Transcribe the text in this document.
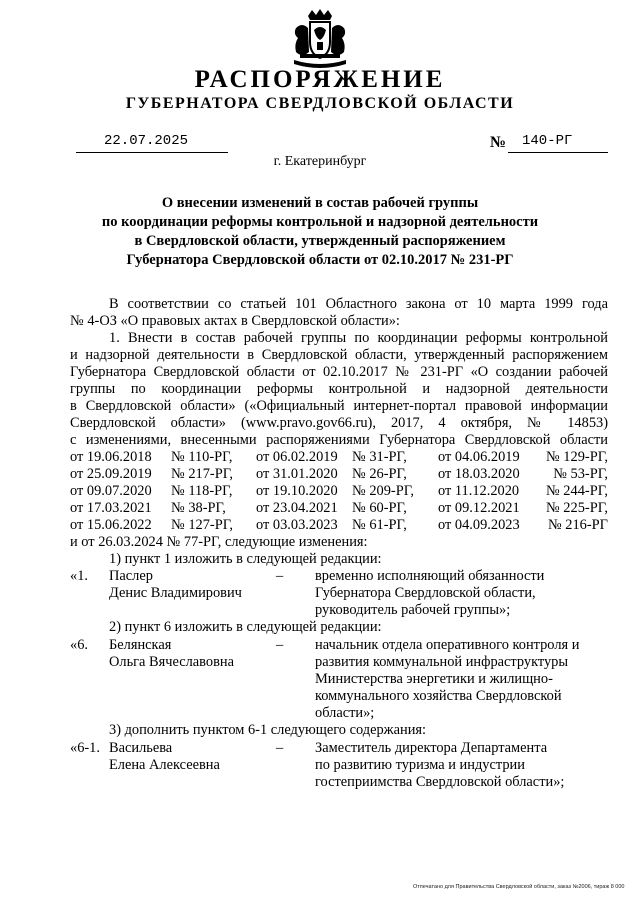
РАСПОРЯЖЕНИЕ
ГУБЕРНАТОРА СВЕРДЛОВСКОЙ ОБЛАСТИ
22.07.2025	№ 140-РГ
г. Екатеринбург
О внесении изменений в состав рабочей группы
по координации реформы контрольной и надзорной деятельности
в Свердловской области, утвержденный распоряжением
Губернатора Свердловской области от 02.10.2017 № 231-РГ
В соответствии со статьей 101 Областного закона от 10 марта 1999 года
№ 4-ОЗ «О правовых актах в Свердловской области»:
1. Внести в состав рабочей группы по координации реформы контрольной
и надзорной деятельности в Свердловской области, утвержденный распоряжением
Губернатора Свердловской области от 02.10.2017 № 231-РГ «О создании рабочей
группы по координации реформы контрольной и надзорной деятельности
в Свердловской области» («Официальный интернет-портал правовой информации
Свердловской области» (www.pravo.gov66.ru), 2017, 4 октября, № 14853)
с изменениями, внесенными распоряжениями Губернатора Свердловской области
от 19.06.2018 № 110-РГ, от 06.02.2019 № 31-РГ, от 04.06.2019 № 129-РГ,
от 25.09.2019 № 217-РГ, от 31.01.2020 № 26-РГ, от 18.03.2020 № 53-РГ,
от 09.07.2020 № 118-РГ, от 19.10.2020 № 209-РГ, от 11.12.2020 № 244-РГ,
от 17.03.2021 № 38-РГ, от 23.04.2021 № 60-РГ, от 09.12.2021 № 225-РГ,
от 15.06.2022 № 127-РГ, от 03.03.2023 № 61-РГ, от 04.09.2023 № 216-РГ
и от 26.03.2024 № 77-РГ, следующие изменения:
1) пункт 1 изложить в следующей редакции:
«1. Паслер
Денис Владимирович
– временно исполняющий обязанности
Губернатора Свердловской области,
руководитель рабочей группы»;
2) пункт 6 изложить в следующей редакции:
«6. Белянская
Ольга Вячеславовна
– начальник отдела оперативного контроля и
развития коммунальной инфраструктуры
Министерства энергетики и жилищно-
коммунального хозяйства Свердловской
области»;
3) дополнить пунктом 6-1 следующего содержания:
«6-1. Васильева
Елена Алексеевна
– Заместитель директора Департамента
по развитию туризма и индустрии
гостеприимства Свердловской области»;
Отпечатано для Правительства Свердловской области, заказ №2006, тираж 8 000
